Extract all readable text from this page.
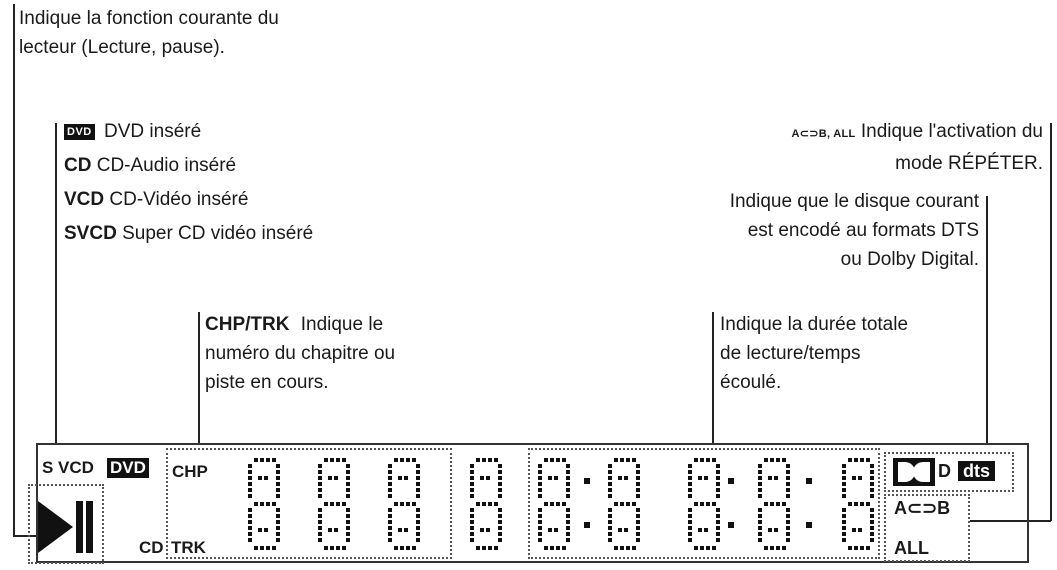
Indique la fonction courante du
lecteur (Lecture, pause).
DVD DVD inséré
CD CD-Audio inséré
VCD CD-Vidéo inséré
SVCD Super CD vidéo inséré
A⊂⊃B, ALL Indique l'activation du
mode RÉPÉTER.
Indique que le disque courant
est encodé au formats DTS
ou Dolby Digital.
CHP/TRK Indique le
numéro du chapitre ou
piste en cours.
Indique la durée totale
de lecture/temps
écoulé.
S VCD DVD CHP
CD TRK
D dts
A⊂⊃B
ALL
